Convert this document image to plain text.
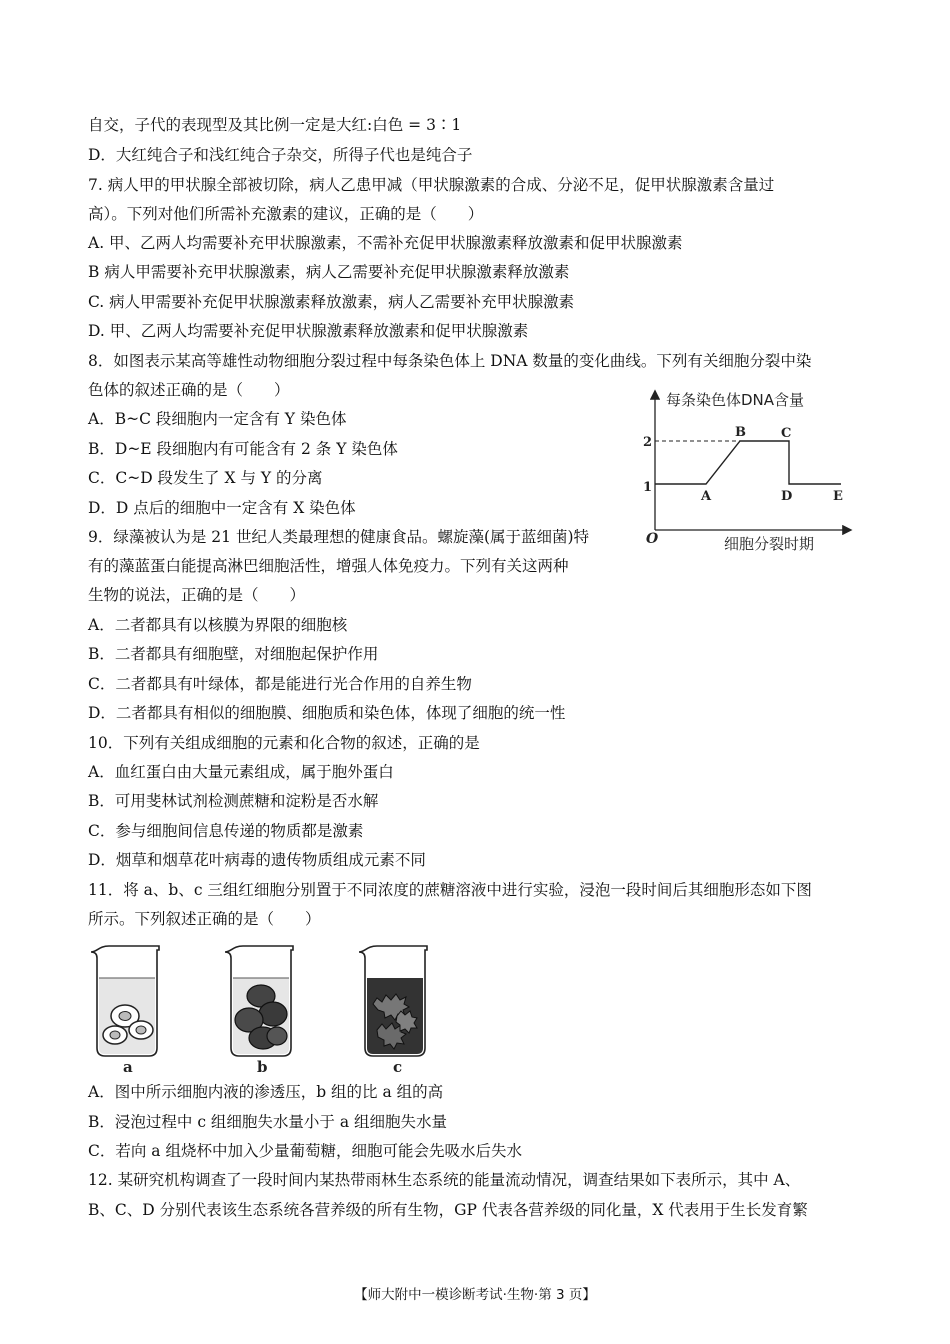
自交，子代的表现型及其比例一定是大红:白色 = 3∶1
D．大红纯合子和浅红纯合子杂交，所得子代也是纯合子
7. 病人甲的甲状腺全部被切除，病人乙患甲减（甲状腺激素的合成、分泌不足，促甲状腺激素含量过
高）。下列对他们所需补充激素的建议，正确的是（　　）
A. 甲、乙两人均需要补充甲状腺激素，不需补充促甲状腺激素释放激素和促甲状腺激素
B 病人甲需要补充甲状腺激素，病人乙需要补充促甲状腺激素释放激素
C. 病人甲需要补充促甲状腺激素释放激素，病人乙需要补充甲状腺激素
D. 甲、乙两人均需要补充促甲状腺激素释放激素和促甲状腺激素
8．如图表示某高等雄性动物细胞分裂过程中每条染色体上 DNA 数量的变化曲线。下列有关细胞分裂中染
色体的叙述正确的是（　　）
A．B~C 段细胞内一定含有 Y 染色体
B．D~E 段细胞内有可能含有 2 条 Y 染色体
C．C~D 段发生了 X 与 Y 的分离
D．D 点后的细胞中一定含有 X 染色体
9．绿藻被认为是 21 世纪人类最理想的健康食品。螺旋藻(属于蓝细菌)特
有的藻蓝蛋白能提高淋巴细胞活性，增强人体免疫力。下列有关这两种
生物的说法，正确的是（　　）
A．二者都具有以核膜为界限的细胞核
B．二者都具有细胞壁，对细胞起保护作用
C．二者都具有叶绿体，都是能进行光合作用的自养生物
D．二者都具有相似的细胞膜、细胞质和染色体，体现了细胞的统一性
10．下列有关组成细胞的元素和化合物的叙述，正确的是
A．血红蛋白由大量元素组成，属于胞外蛋白
B．可用斐林试剂检测蔗糖和淀粉是否水解
C．参与细胞间信息传递的物质都是激素
D．烟草和烟草花叶病毒的遗传物质组成元素不同
11．将 a、b、c 三组红细胞分别置于不同浓度的蔗糖溶液中进行实验，浸泡一段时间后其细胞形态如下图
所示。下列叙述正确的是（　　）
A．图中所示细胞内液的渗透压，b 组的比 a 组的高
B．浸泡过程中 c 组细胞失水量小于 a 组细胞失水量
C．若向 a 组烧杯中加入少量葡萄糖，细胞可能会先吸水后失水
12. 某研究机构调查了一段时间内某热带雨林生态系统的能量流动情况，调查结果如下表所示，其中 A、
B、C、D 分别代表该生态系统各营养级的所有生物，GP 代表各营养级的同化量，X 代表用于生长发育繁
每条染色体DNA含量
O
2
1
A
B	C
D	E
细胞分裂时期
a	b	c
【师大附中一模诊断考试·生物·第 3 页】
